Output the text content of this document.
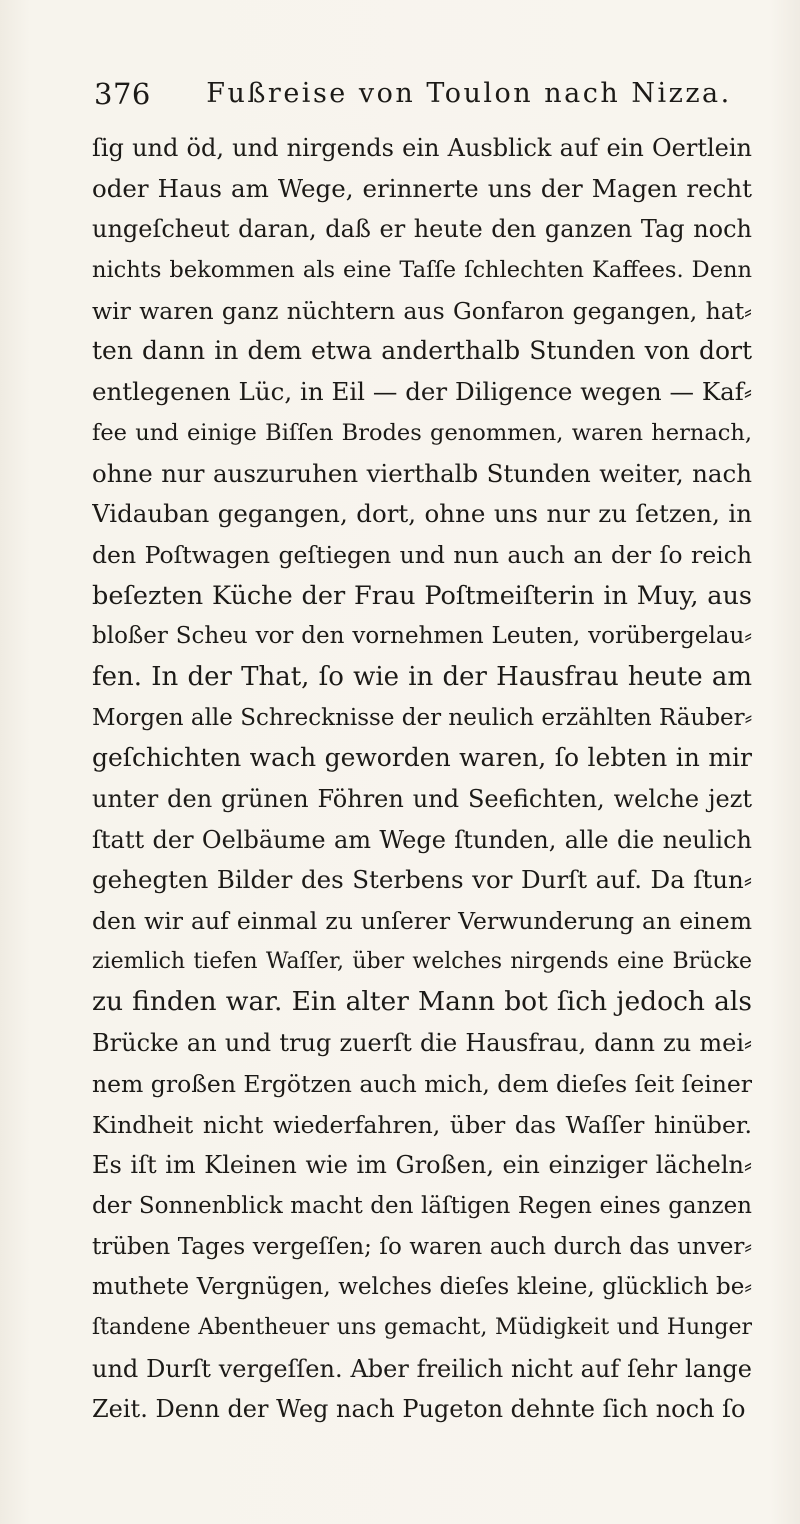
376	Fußreise von Toulon nach Nizza.
ſig und öd, und nirgends ein Ausblick auf ein Oertlein
oder Haus am Wege, erinnerte uns der Magen recht
ungeſcheut daran, daß er heute den ganzen Tag noch
nichts bekommen als eine Taſſe ſchlechten Kaffees. Denn
wir waren ganz nüchtern aus Gonfaron gegangen, hat⸗
ten dann in dem etwa anderthalb Stunden von dort
entlegenen Lüc, in Eil — der Diligence wegen — Kaf⸗
fee und einige Biſſen Brodes genommen, waren hernach,
ohne nur auszuruhen vierthalb Stunden weiter, nach
Vidauban gegangen, dort, ohne uns nur zu ſetzen, in
den Poſtwagen geſtiegen und nun auch an der ſo reich
beſezten Küche der Frau Poſtmeiſterin in Muy, aus
bloßer Scheu vor den vornehmen Leuten, vorübergelau⸗
fen. In der That, ſo wie in der Hausfrau heute am
Morgen alle Schrecknisse der neulich erzählten Räuber⸗
geſchichten wach geworden waren, ſo lebten in mir
unter den grünen Föhren und Seefichten, welche jezt
ſtatt der Oelbäume am Wege ſtunden, alle die neulich
gehegten Bilder des Sterbens vor Durſt auf. Da ſtun⸗
den wir auf einmal zu unſerer Verwunderung an einem
ziemlich tiefen Waſſer, über welches nirgends eine Brücke
zu finden war. Ein alter Mann bot ſich jedoch als
Brücke an und trug zuerſt die Hausfrau, dann zu mei⸗
nem großen Ergötzen auch mich, dem dieſes ſeit ſeiner
Kindheit nicht wiederfahren, über das Waſſer hinüber.
Es iſt im Kleinen wie im Großen, ein einziger lächeln⸗
der Sonnenblick macht den läſtigen Regen eines ganzen
trüben Tages vergeſſen; ſo waren auch durch das unver⸗
muthete Vergnügen, welches dieſes kleine, glücklich be⸗
ſtandene Abentheuer uns gemacht, Müdigkeit und Hunger
und Durſt vergeſſen. Aber freilich nicht auf ſehr lange
Zeit. Denn der Weg nach Pugeton dehnte ſich noch ſo
